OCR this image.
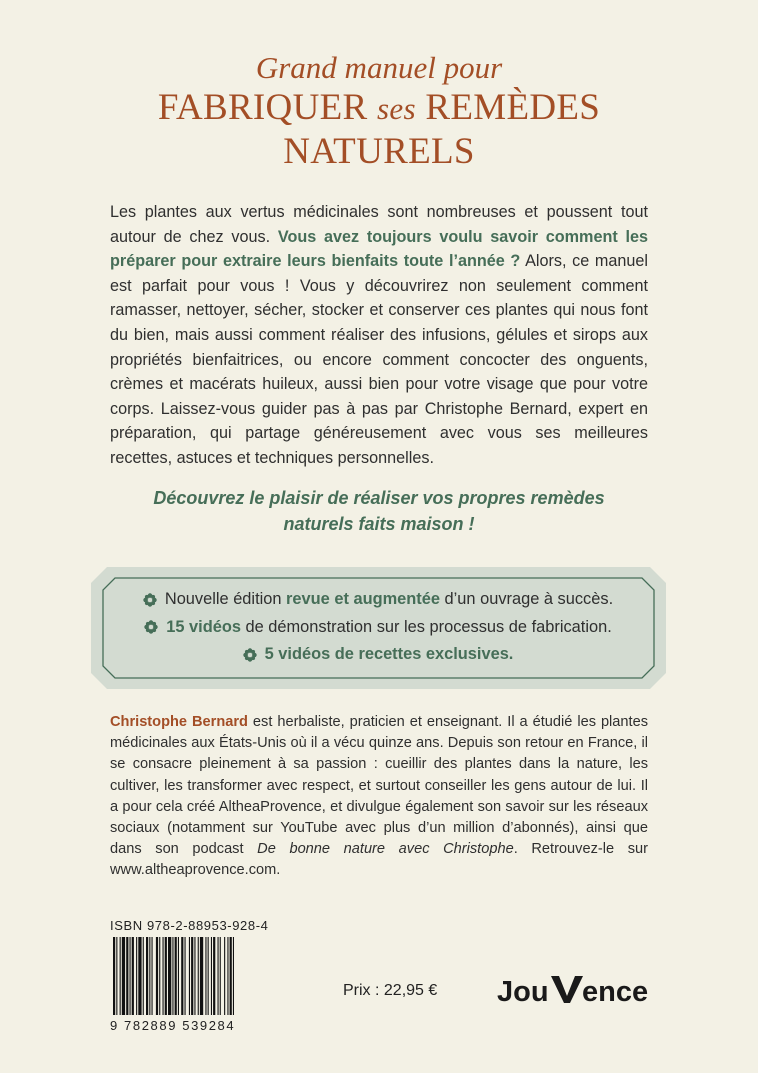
Grand manuel pour
FABRIQUER ses REMÈDES
NATURELS
Les plantes aux vertus médicinales sont nombreuses et poussent tout autour de chez vous. Vous avez toujours voulu savoir comment les préparer pour extraire leurs bienfaits toute l’année ? Alors, ce manuel est parfait pour vous ! Vous y découvrirez non seulement comment ramasser, nettoyer, sécher, stocker et conserver ces plantes qui nous font du bien, mais aussi comment réaliser des infusions, gélules et sirops aux propriétés bienfaitrices, ou encore comment concocter des onguents, crèmes et macérats huileux, aussi bien pour votre visage que pour votre corps. Laissez-vous guider pas à pas par Christophe Bernard, expert en préparation, qui partage généreusement avec vous ses meilleures recettes, astuces et techniques personnelles.
Découvrez le plaisir de réaliser vos propres remèdes
naturels faits maison !
Nouvelle édition revue et augmentée d’un ouvrage à succès.
15 vidéos de démonstration sur les processus de fabrication.
5 vidéos de recettes exclusives.
Christophe Bernard est herbaliste, praticien et enseignant. Il a étudié les plantes médicinales aux États-Unis où il a vécu quinze ans. Depuis son retour en France, il se consacre pleinement à sa passion : cueillir des plantes dans la nature, les cultiver, les transformer avec respect, et surtout conseiller les gens autour de lui. Il a pour cela créé AltheaProvence, et divulgue également son savoir sur les réseaux sociaux (notamment sur YouTube avec plus d’un million d’abonnés), ainsi que dans son podcast De bonne nature avec Christophe. Retrouvez-le sur www.altheaprovence.com.
ISBN 978-2-88953-928-4
9 782889 539284
Prix : 22,95 € Jou ence
